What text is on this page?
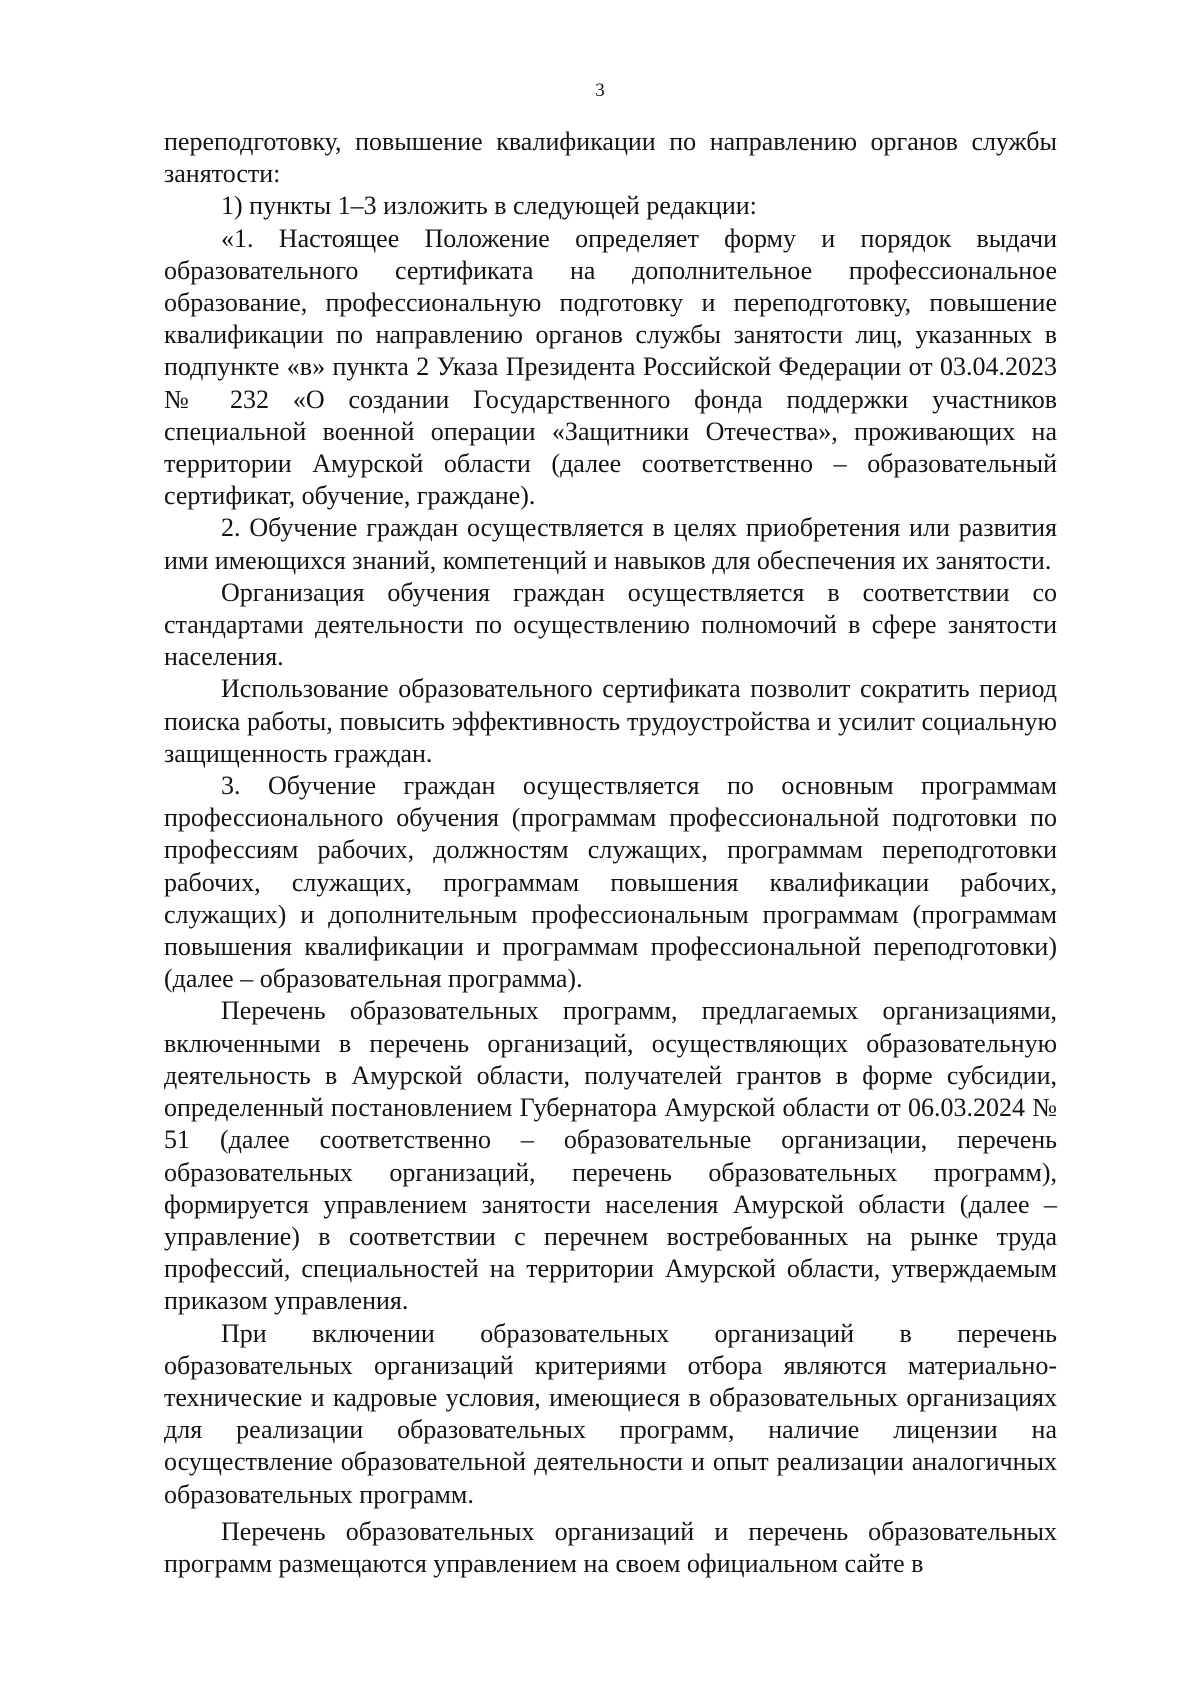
3

переподготовку, повышение квалификации по направлению органов службы занятости:

1) пункты 1–3 изложить в следующей редакции:

«1. Настоящее Положение определяет форму и порядок выдачи образовательного сертификата на дополнительное профессиональное образование, профессиональную подготовку и переподготовку, повышение квалификации по направлению органов службы занятости лиц, указанных в подпункте «в» пункта 2 Указа Президента Российской Федерации от 03.04.2023 № 232 «О создании Государственного фонда поддержки участников специальной военной операции «Защитники Отечества», проживающих на территории Амурской области (далее соответственно – образовательный сертификат, обучение, граждане).

2. Обучение граждан осуществляется в целях приобретения или развития ими имеющихся знаний, компетенций и навыков для обеспечения их занятости.

Организация обучения граждан осуществляется в соответствии со стандартами деятельности по осуществлению полномочий в сфере занятости населения.

Использование образовательного сертификата позволит сократить период поиска работы, повысить эффективность трудоустройства и усилит социальную защищенность граждан.

3. Обучение граждан осуществляется по основным программам профессионального обучения (программам профессиональной подготовки по профессиям рабочих, должностям служащих, программам переподготовки рабочих, служащих, программам повышения квалификации рабочих, служащих) и дополнительным профессиональным программам (программам повышения квалификации и программам профессиональной переподготовки) (далее – образовательная программа).

Перечень образовательных программ, предлагаемых организациями, включенными в перечень организаций, осуществляющих образовательную деятельность в Амурской области, получателей грантов в форме субсидии, определенный постановлением Губернатора Амурской области от 06.03.2024 № 51 (далее соответственно – образовательные организации, перечень образовательных организаций, перечень образовательных программ), формируется управлением занятости населения Амурской области (далее – управление) в соответствии с перечнем востребованных на рынке труда профессий, специальностей на территории Амурской области, утверждаемым приказом управления.

При включении образовательных организаций в перечень образовательных организаций критериями отбора являются материально-технические и кадровые условия, имеющиеся в образовательных организациях для реализации образовательных программ, наличие лицензии на осуществление образовательной деятельности и опыт реализации аналогичных образовательных программ.

Перечень образовательных организаций и перечень образовательных программ размещаются управлением на своем официальном сайте в
